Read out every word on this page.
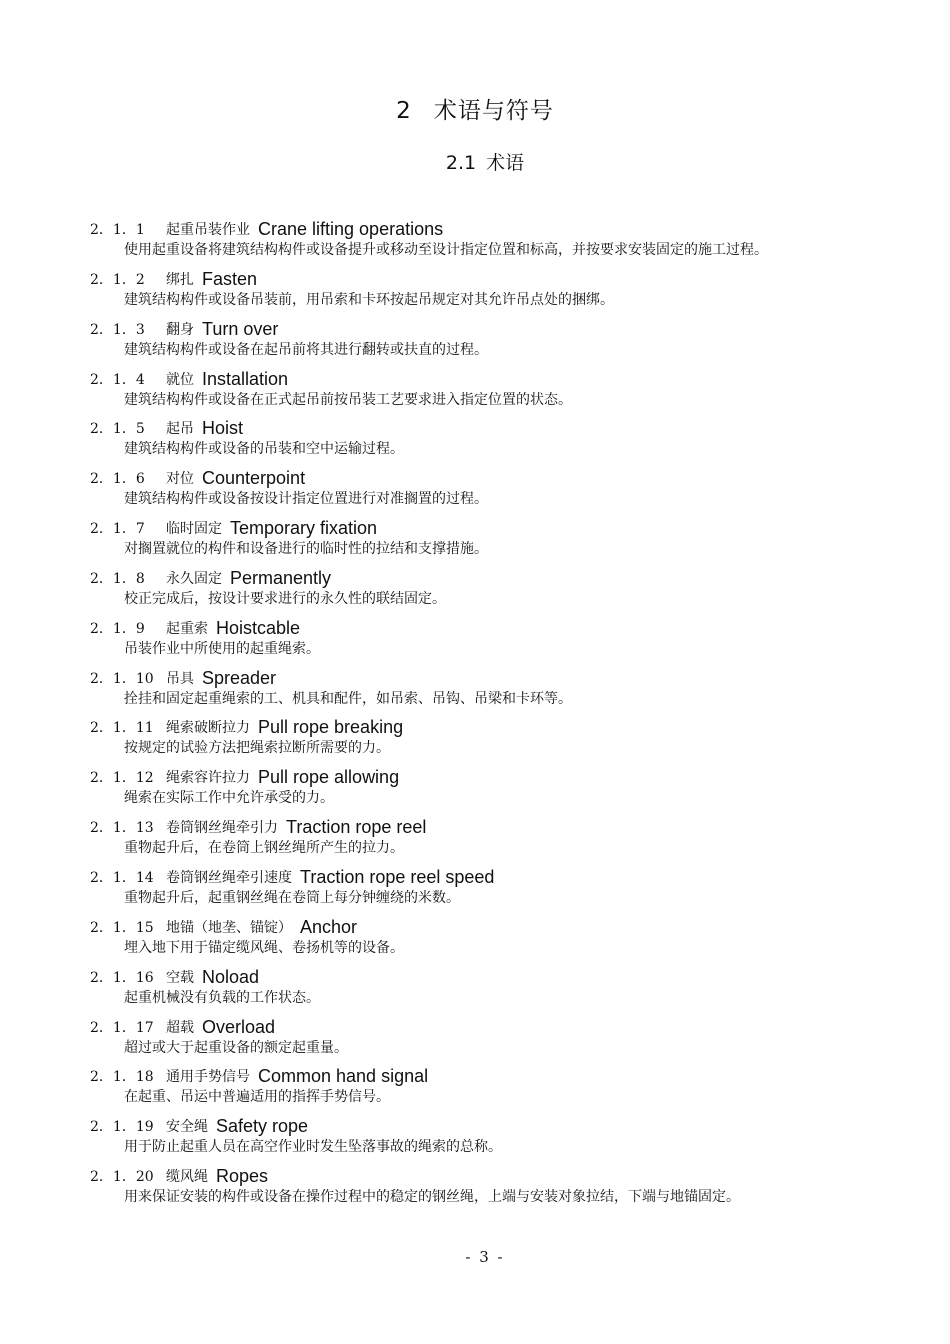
2 术语与符号
2.1 术语
2．1．1	起重吊装作业 Crane lifting operations
使用起重设备将建筑结构构件或设备提升或移动至设计指定位置和标高，并按要求安装固定的施工过程。
2．1．2	绑扎 Fasten
建筑结构构件或设备吊装前，用吊索和卡环按起吊规定对其允许吊点处的捆绑。
2．1．3	翻身 Turn over
建筑结构构件或设备在起吊前将其进行翻转或扶直的过程。
2．1．4	就位 Installation
建筑结构构件或设备在正式起吊前按吊装工艺要求进入指定位置的状态。
2．1．5	起吊 Hoist
建筑结构构件或设备的吊装和空中运输过程。
2．1．6	对位 Counterpoint
建筑结构构件或设备按设计指定位置进行对准搁置的过程。
2．1．7	临时固定 Temporary fixation
对搁置就位的构件和设备进行的临时性的拉结和支撑措施。
2．1．8	永久固定 Permanently
校正完成后，按设计要求进行的永久性的联结固定。
2．1．9	起重索 Hoistcable
吊装作业中所使用的起重绳索。
2．1．10 吊具 Spreader
拴挂和固定起重绳索的工、机具和配件，如吊索、吊钩、吊梁和卡环等。
2．1．11 绳索破断拉力 Pull rope breaking
按规定的试验方法把绳索拉断所需要的力。
2．1．12 绳索容许拉力 Pull rope allowing
绳索在实际工作中允许承受的力。
2．1．13 卷筒钢丝绳牵引力 Traction rope reel
重物起升后，在卷筒上钢丝绳所产生的拉力。
2．1．14 卷筒钢丝绳牵引速度 Traction rope reel speed
重物起升后，起重钢丝绳在卷筒上每分钟缠绕的米数。
2．1．15 地锚（地垄、锚锭） Anchor
埋入地下用于锚定缆风绳、卷扬机等的设备。
2．1．16 空载 Noload
起重机械没有负载的工作状态。
2．1．17 超载 Overload
超过或大于起重设备的额定起重量。
2．1．18 通用手势信号 Common hand signal
在起重、吊运中普遍适用的指挥手势信号。
2．1．19 安全绳 Safety rope
用于防止起重人员在高空作业时发生坠落事故的绳索的总称。
2．1．20 缆风绳 Ropes
用来保证安装的构件或设备在操作过程中的稳定的钢丝绳，上端与安装对象拉结，下端与地锚固定。
- 3 -
